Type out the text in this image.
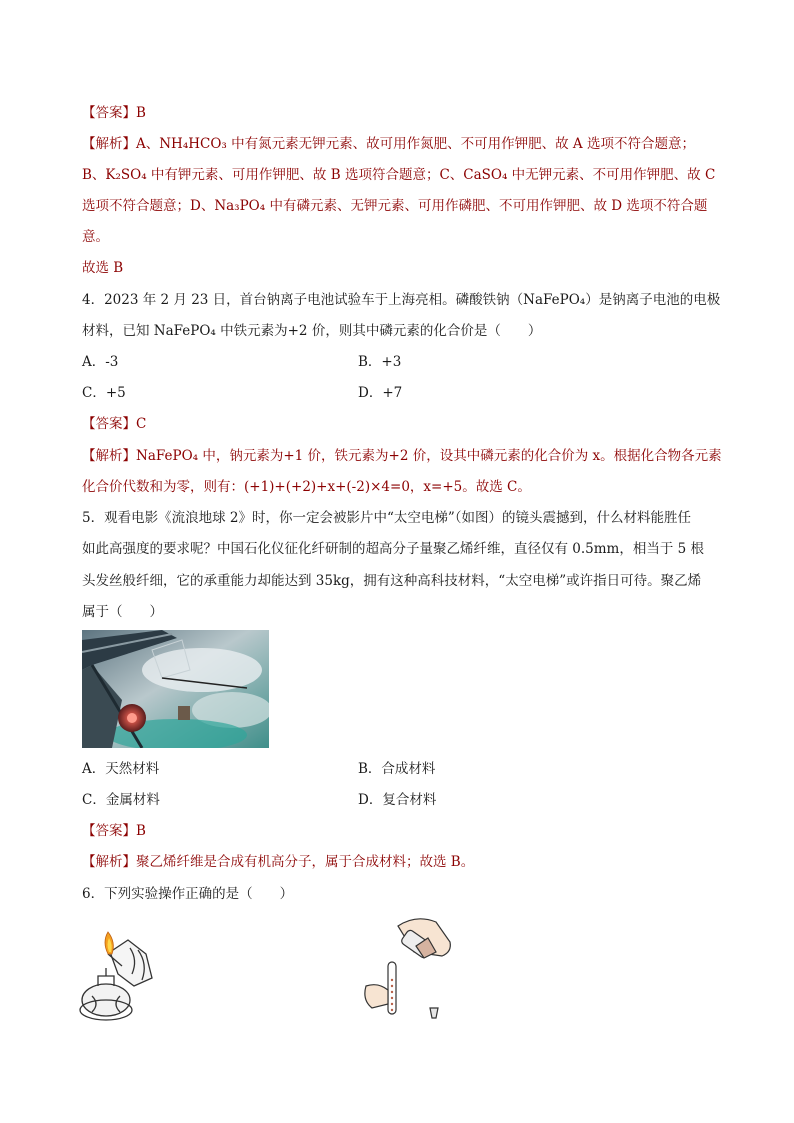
【答案】B
【解析】A、NH₄HCO₃ 中有氮元素无钾元素、故可用作氮肥、不可用作钾肥、故 A 选项不符合题意；
B、K₂SO₄ 中有钾元素、可用作钾肥、故 B 选项符合题意；C、CaSO₄ 中无钾元素、不可用作钾肥、故 C
选项不符合题意；D、Na₃PO₄ 中有磷元素、无钾元素、可用作磷肥、不可用作钾肥、故 D 选项不符合题
意。
故选 B
4．2023 年 2 月 23 日，首台钠离子电池试验车于上海亮相。磷酸铁钠（NaFePO₄）是钠离子电池的电极
材料，已知 NaFePO₄ 中铁元素为+2 价，则其中磷元素的化合价是（　　）
A．-3	B．+3
C．+5	D．+7
【答案】C
【解析】NaFePO₄ 中，钠元素为+1 价，铁元素为+2 价，设其中磷元素的化合价为 x。根据化合物各元素
化合价代数和为零，则有：(+1)+(+2)+x+(-2)×4=0，x=+5。故选 C。
5．观看电影《流浪地球 2》时，你一定会被影片中“太空电梯”（如图）的镜头震撼到，什么材料能胜任
如此高强度的要求呢？中国石化仪征化纤研制的超高分子量聚乙烯纤维，直径仅有 0.5mm，相当于 5 根
头发丝般纤细，它的承重能力却能达到 35kg，拥有这种高科技材料，“太空电梯”或许指日可待。聚乙烯
属于（　　）
A．天然材料	B．合成材料
C．金属材料	D．复合材料
【答案】B
【解析】聚乙烯纤维是合成有机高分子，属于合成材料；故选 B。
6．下列实验操作正确的是（　　）
